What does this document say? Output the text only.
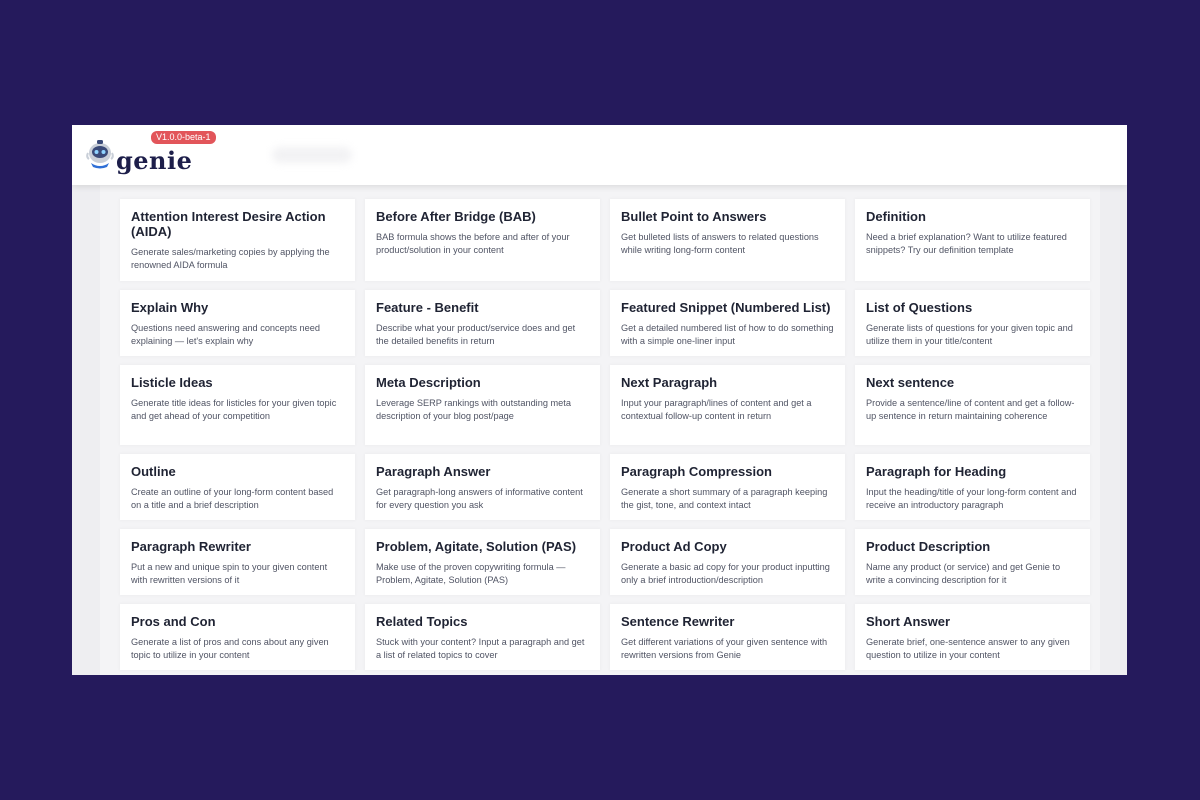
genie
V1.0.0-beta-1
Attention Interest Desire Action (AIDA)
Generate sales/marketing copies by applying the renowned AIDA formula
Before After Bridge (BAB)
BAB formula shows the before and after of your product/solution in your content
Bullet Point to Answers
Get bulleted lists of answers to related questions while writing long-form content
Definition
Need a brief explanation? Want to utilize featured snippets? Try our definition template
Explain Why
Questions need answering and concepts need explaining — let's explain why
Feature - Benefit
Describe what your product/service does and get the detailed benefits in return
Featured Snippet (Numbered List)
Get a detailed numbered list of how to do something with a simple one-liner input
List of Questions
Generate lists of questions for your given topic and utilize them in your title/content
Listicle Ideas
Generate title ideas for listicles for your given topic and get ahead of your competition
Meta Description
Leverage SERP rankings with outstanding meta description of your blog post/page
Next Paragraph
Input your paragraph/lines of content and get a contextual follow-up content in return
Next sentence
Provide a sentence/line of content and get a follow-up sentence in return maintaining coherence
Outline
Create an outline of your long-form content based on a title and a brief description
Paragraph Answer
Get paragraph-long answers of informative content for every question you ask
Paragraph Compression
Generate a short summary of a paragraph keeping the gist, tone, and context intact
Paragraph for Heading
Input the heading/title of your long-form content and receive an introductory paragraph
Paragraph Rewriter
Put a new and unique spin to your given content with rewritten versions of it
Problem, Agitate, Solution (PAS)
Make use of the proven copywriting formula — Problem, Agitate, Solution (PAS)
Product Ad Copy
Generate a basic ad copy for your product inputting only a brief introduction/description
Product Description
Name any product (or service) and get Genie to write a convincing description for it
Pros and Con
Generate a list of pros and cons about any given topic to utilize in your content
Related Topics
Stuck with your content? Input a paragraph and get a list of related topics to cover
Sentence Rewriter
Get different variations of your given sentence with rewritten versions from Genie
Short Answer
Generate brief, one-sentence answer to any given question to utilize in your content
